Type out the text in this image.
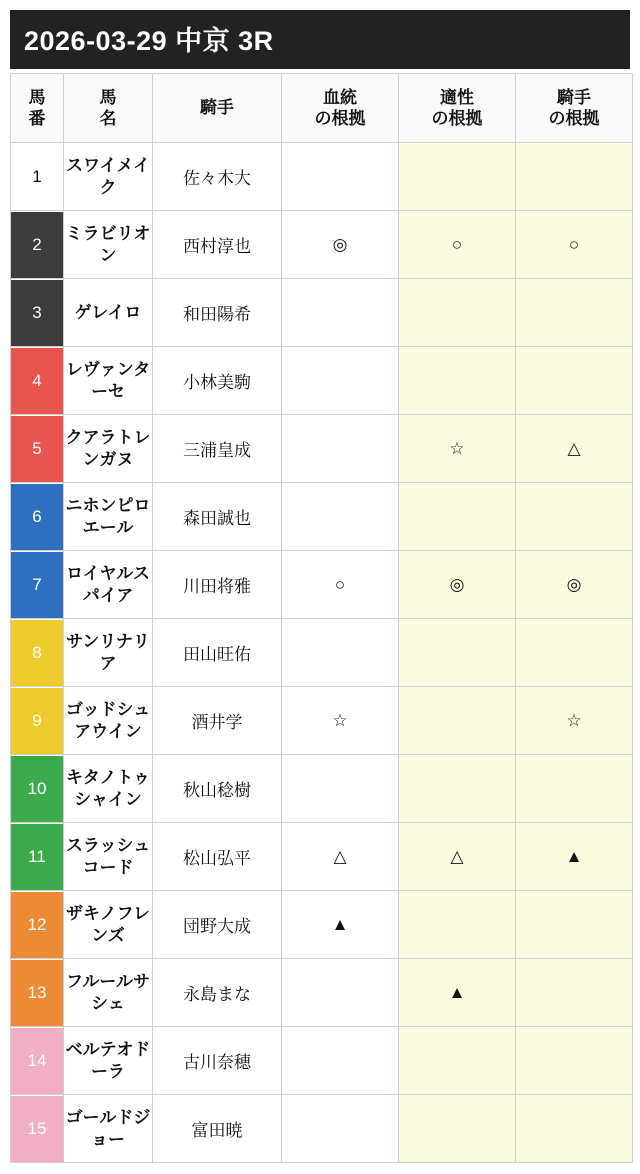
2026-03-29 中京 3R
馬
番

馬
名

騎手

血統
の根拠

適性
の根拠

騎手
の根拠

1	スワイメイク	佐々木大			

2	ミラビリオン	西村淳也	◎	○	○

3	ゲレイロ	和田陽希			

4	レヴァンターセ	小林美駒			

5	クアラトレンガヌ	三浦皇成		☆	△

6	ニホンピロエール	森田誠也			

7	ロイヤルスパイア	川田将雅	○	◎	◎

8	サンリナリア	田山旺佑			

9	ゴッドシュアウイン	酒井学	☆		☆

10	キタノトゥシャイン	秋山稔樹			

11	スラッシュコード	松山弘平	△	△	▲

12	ザキノフレンズ	団野大成	▲		

13	フルールサシェ	永島まな		▲	

14	ベルテオドーラ	古川奈穂			

15	ゴールドジョー	富田暁			
